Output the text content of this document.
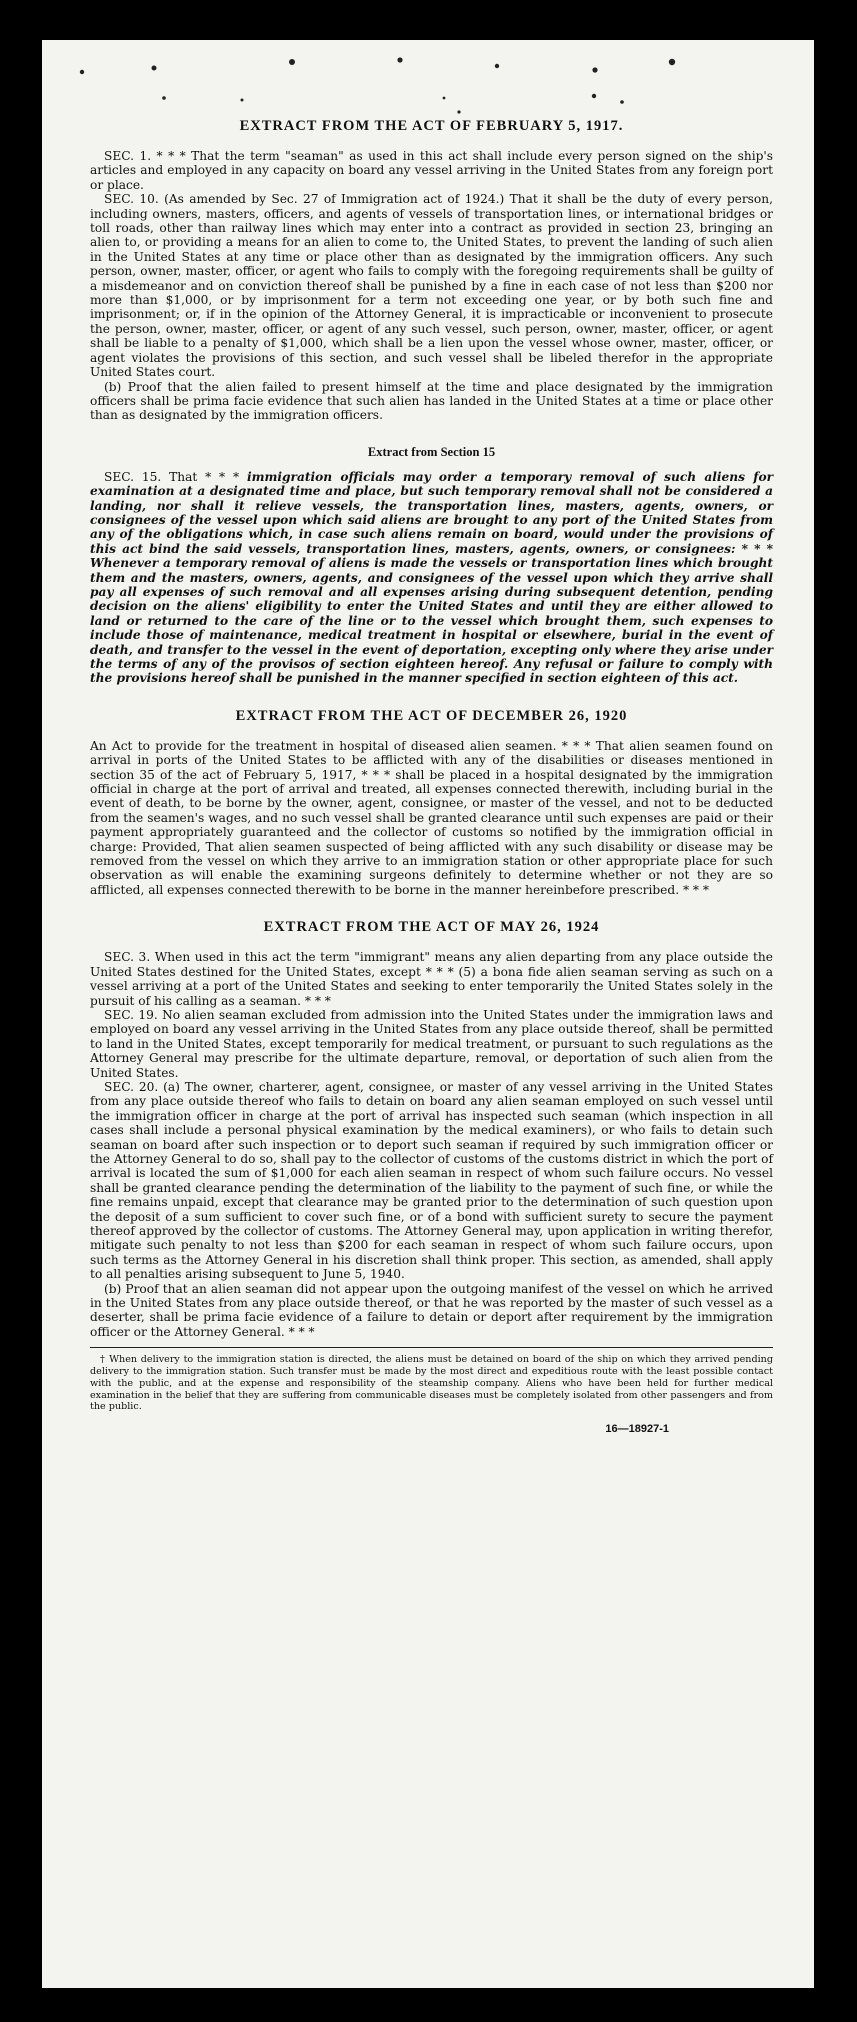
EXTRACT FROM THE ACT OF FEBRUARY 5, 1917.

SEC. 1. * * * That the term "seaman" as used in this act shall include every person signed on the ship's articles and employed in any capacity on board any vessel arriving in the United States from any foreign port or place.

SEC. 10. (As amended by Sec. 27 of Immigration act of 1924.) That it shall be the duty of every person, including owners, masters, officers, and agents of vessels of transportation lines, or international bridges or toll roads, other than railway lines which may enter into a contract as provided in section 23, bringing an alien to, or providing a means for an alien to come to, the United States, to prevent the landing of such alien in the United States at any time or place other than as designated by the immigration officers. Any such person, owner, master, officer, or agent who fails to comply with the foregoing requirements shall be guilty of a misdemeanor and on conviction thereof shall be punished by a fine in each case of not less than $200 nor more than $1,000, or by imprisonment for a term not exceeding one year, or by both such fine and imprisonment; or, if in the opinion of the Attorney General, it is impracticable or inconvenient to prosecute the person, owner, master, officer, or agent of any such vessel, such person, owner, master, officer, or agent shall be liable to a penalty of $1,000, which shall be a lien upon the vessel whose owner, master, officer, or agent violates the provisions of this section, and such vessel shall be libeled therefor in the appropriate United States court.

(b) Proof that the alien failed to present himself at the time and place designated by the immigration officers shall be prima facie evidence that such alien has landed in the United States at a time or place other than as designated by the immigration officers.

Extract from Section 15

SEC. 15. That * * * immigration officials may order a temporary removal of such aliens for examination at a designated time and place, but such temporary removal shall not be considered a landing, nor shall it relieve vessels, the transportation lines, masters, agents, owners, or consignees of the vessel upon which said aliens are brought to any port of the United States from any of the obligations which, in case such aliens remain on board, would under the provisions of this act bind the said vessels, transportation lines, masters, agents, owners, or consignees: * * * Whenever a temporary removal of aliens is made the vessels or transportation lines which brought them and the masters, owners, agents, and consignees of the vessel upon which they arrive shall pay all expenses of such removal and all expenses arising during subsequent detention, pending decision on the aliens' eligibility to enter the United States and until they are either allowed to land or returned to the care of the line or to the vessel which brought them, such expenses to include those of maintenance, medical treatment in hospital or elsewhere, burial in the event of death, and transfer to the vessel in the event of deportation, excepting only where they arise under the terms of any of the provisos of section eighteen hereof. Any refusal or failure to comply with the provisions hereof shall be punished in the manner specified in section eighteen of this act.

EXTRACT FROM THE ACT OF DECEMBER 26, 1920

An Act to provide for the treatment in hospital of diseased alien seamen. * * * That alien seamen found on arrival in ports of the United States to be afflicted with any of the disabilities or diseases mentioned in section 35 of the act of February 5, 1917, * * * shall be placed in a hospital designated by the immigration official in charge at the port of arrival and treated, all expenses connected therewith, including burial in the event of death, to be borne by the owner, agent, consignee, or master of the vessel, and not to be deducted from the seamen's wages, and no such vessel shall be granted clearance until such expenses are paid or their payment appropriately guaranteed and the collector of customs so notified by the immigration official in charge: Provided, That alien seamen suspected of being afflicted with any such disability or disease may be removed from the vessel on which they arrive to an immigration station or other appropriate place for such observation as will enable the examining surgeons definitely to determine whether or not they are so afflicted, all expenses connected therewith to be borne in the manner hereinbefore prescribed. * * *

EXTRACT FROM THE ACT OF MAY 26, 1924

SEC. 3. When used in this act the term "immigrant" means any alien departing from any place outside the United States destined for the United States, except * * * (5) a bona fide alien seaman serving as such on a vessel arriving at a port of the United States and seeking to enter temporarily the United States solely in the pursuit of his calling as a seaman. * * *

SEC. 19. No alien seaman excluded from admission into the United States under the immigration laws and employed on board any vessel arriving in the United States from any place outside thereof, shall be permitted to land in the United States, except temporarily for medical treatment, or pursuant to such regulations as the Attorney General may prescribe for the ultimate departure, removal, or deportation of such alien from the United States.

SEC. 20. (a) The owner, charterer, agent, consignee, or master of any vessel arriving in the United States from any place outside thereof who fails to detain on board any alien seaman employed on such vessel until the immigration officer in charge at the port of arrival has inspected such seaman (which inspection in all cases shall include a personal physical examination by the medical examiners), or who fails to detain such seaman on board after such inspection or to deport such seaman if required by such immigration officer or the Attorney General to do so, shall pay to the collector of customs of the customs district in which the port of arrival is located the sum of $1,000 for each alien seaman in respect of whom such failure occurs. No vessel shall be granted clearance pending the determination of the liability to the payment of such fine, or while the fine remains unpaid, except that clearance may be granted prior to the determination of such question upon the deposit of a sum sufficient to cover such fine, or of a bond with sufficient surety to secure the payment thereof approved by the collector of customs. The Attorney General may, upon application in writing therefor, mitigate such penalty to not less than $200 for each seaman in respect of whom such failure occurs, upon such terms as the Attorney General in his discretion shall think proper. This section, as amended, shall apply to all penalties arising subsequent to June 5, 1940.

(b) Proof that an alien seaman did not appear upon the outgoing manifest of the vessel on which he arrived in the United States from any place outside thereof, or that he was reported by the master of such vessel as a deserter, shall be prima facie evidence of a failure to detain or deport after requirement by the immigration officer or the Attorney General. * * *

† When delivery to the immigration station is directed, the aliens must be detained on board of the ship on which they arrived pending delivery to the immigration station. Such transfer must be made by the most direct and expeditious route with the least possible contact with the public, and at the expense and responsibility of the steamship company. Aliens who have been held for further medical examination in the belief that they are suffering from communicable diseases must be completely isolated from other passengers and from the public.

16—18927-1
